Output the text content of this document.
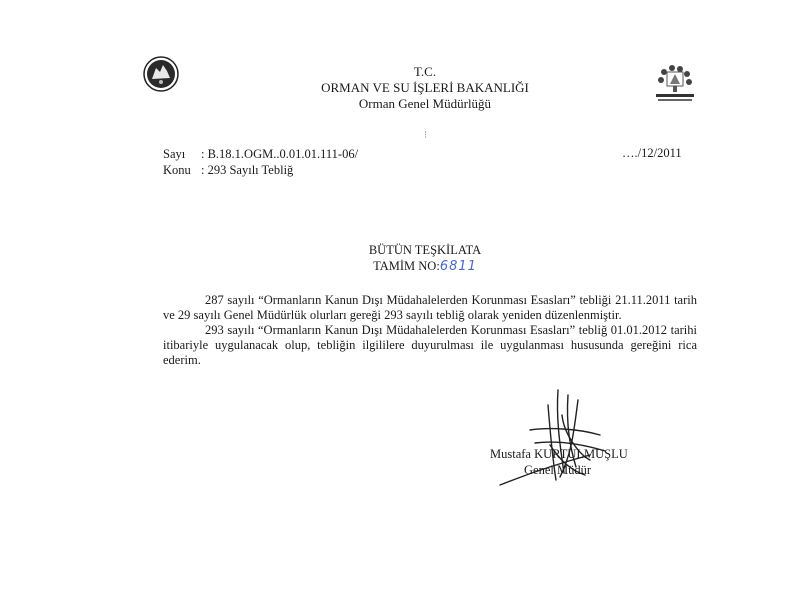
T.C.
ORMAN VE SU İŞLERİ BAKANLIĞI
Orman Genel Müdürlüğü
⁝
Sayı : B.18.1.OGM..0.01.01.111-06/
Konu : 293 Sayılı Tebliğ
…./12/2011
BÜTÜN TEŞKİLATA
TAMİM NO:6811

287 sayılı “Ormanların Kanun Dışı Müdahalelerden Korunması Esasları” tebliği 21.11.2011 tarih ve 29 sayılı Genel Müdürlük olurları gereği 293 sayılı tebliğ olarak yeniden düzenlenmiştir.

293 sayılı “Ormanların Kanun Dışı Müdahalelerden Korunması Esasları” tebliğ 01.01.2012 tarihi itibariyle uygulanacak olup, tebliğin ilgililere duyurulması ile uygulanması hususunda gereğini rica ederim.

Mustafa KURTULMUŞLU
Genel Müdür
